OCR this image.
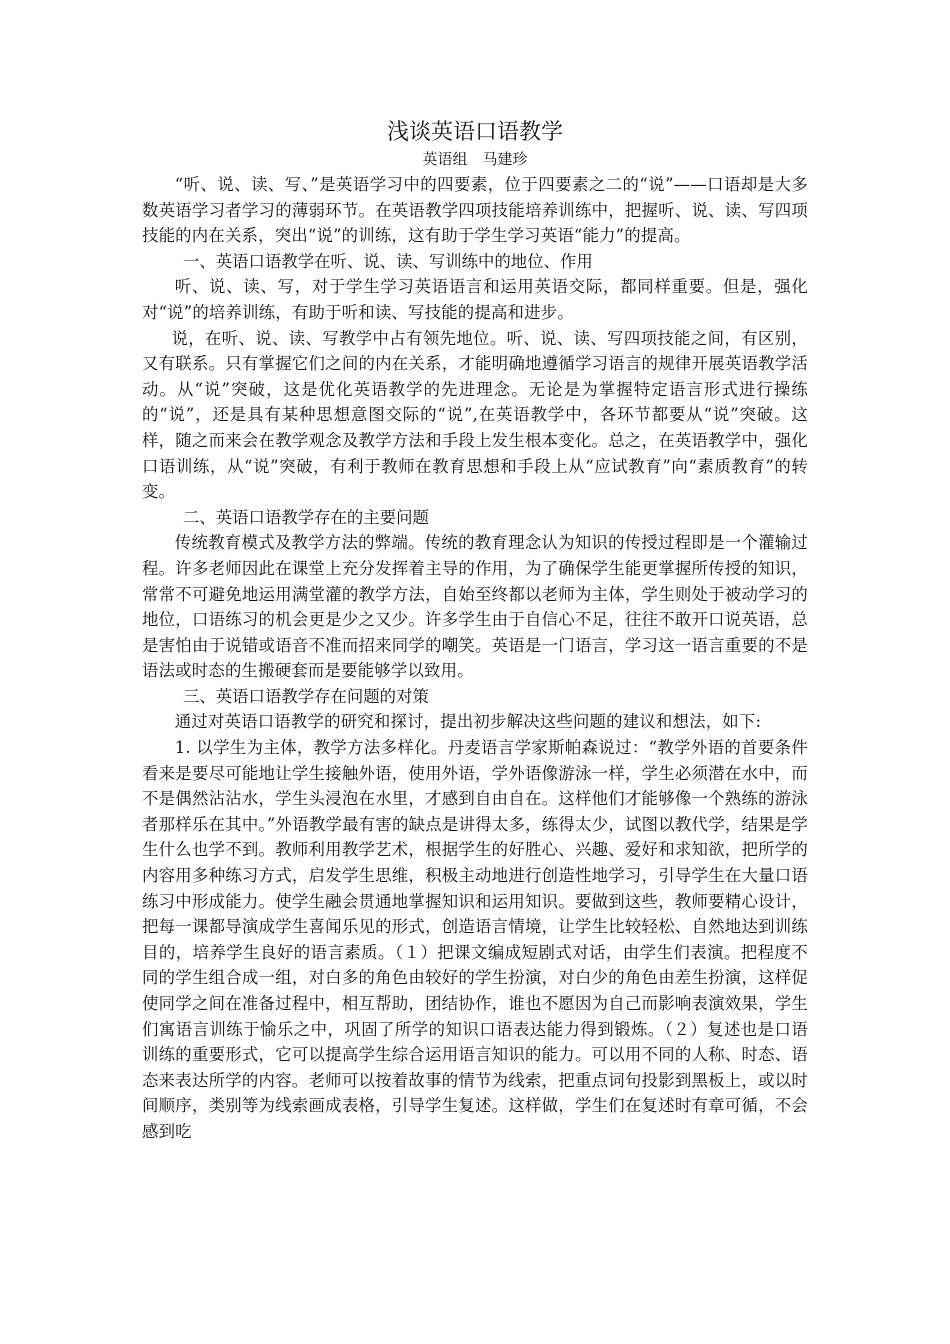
浅谈英语口语教学

英语组　马建珍

“听、说、读、写、”是英语学习中的四要素，位于四要素之二的“说”——口语却是大多数英语学习者学习的薄弱环节。在英语教学四项技能培养训练中，把握听、说、读、写四项技能的内在关系，突出“说”的训练，这有助于学生学习英语“能力”的提高。

一、英语口语教学在听、说、读、写训练中的地位、作用

听、说、读、写，对于学生学习英语语言和运用英语交际，都同样重要。但是，强化对“说”的培养训练，有助于听和读、写技能的提高和进步。

说，在听、说、读、写教学中占有领先地位。听、说、读、写四项技能之间，有区别，又有联系。只有掌握它们之间的内在关系，才能明确地遵循学习语言的规律开展英语教学活动。从“说”突破，这是优化英语教学的先进理念。无论是为掌握特定语言形式进行操练的“说”，还是具有某种思想意图交际的“说”,在英语教学中，各环节都要从“说”突破。这样，随之而来会在教学观念及教学方法和手段上发生根本变化。总之，在英语教学中，强化口语训练，从“说”突破，有利于教师在教育思想和手段上从“应试教育”向“素质教育”的转变。

二、英语口语教学存在的主要问题

传统教育模式及教学方法的弊端。传统的教育理念认为知识的传授过程即是一个灌输过程。许多老师因此在课堂上充分发挥着主导的作用，为了确保学生能更掌握所传授的知识，常常不可避免地运用满堂灌的教学方法，自始至终都以老师为主体，学生则处于被动学习的地位，口语练习的机会更是少之又少。许多学生由于自信心不足，往往不敢开口说英语，总是害怕由于说错或语音不准而招来同学的嘲笑。英语是一门语言，学习这一语言重要的不是语法或时态的生搬硬套而是要能够学以致用。

三、英语口语教学存在问题的对策

通过对英语口语教学的研究和探讨，提出初步解决这些问题的建议和想法，如下:

1. 以学生为主体，教学方法多样化。丹麦语言学家斯帕森说过：“教学外语的首要条件看来是要尽可能地让学生接触外语，使用外语，学外语像游泳一样，学生必须潜在水中，而不是偶然沾沾水，学生头浸泡在水里，才感到自由自在。这样他们才能够像一个熟练的游泳者那样乐在其中。”外语教学最有害的缺点是讲得太多，练得太少，试图以教代学，结果是学生什么也学不到。教师利用教学艺术，根据学生的好胜心、兴趣、爱好和求知欲，把所学的内容用多种练习方式，启发学生思维，积极主动地进行创造性地学习，引导学生在大量口语练习中形成能力。使学生融会贯通地掌握知识和运用知识。要做到这些，教师要精心设计，把每一课都导演成学生喜闻乐见的形式，创造语言情境，让学生比较轻松、自然地达到训练目的，培养学生良好的语言素质。（１）把课文编成短剧式对话，由学生们表演。把程度不同的学生组合成一组，对白多的角色由较好的学生扮演，对白少的角色由差生扮演，这样促使同学之间在准备过程中，相互帮助，团结协作，谁也不愿因为自己而影响表演效果，学生们寓语言训练于愉乐之中，巩固了所学的知识口语表达能力得到锻炼。（２）复述也是口语训练的重要形式，它可以提高学生综合运用语言知识的能力。可以用不同的人称、时态、语态来表达所学的内容。老师可以按着故事的情节为线索，把重点词句投影到黑板上，或以时间顺序，类别等为线索画成表格，引导学生复述。这样做，学生们在复述时有章可循，不会感到吃
